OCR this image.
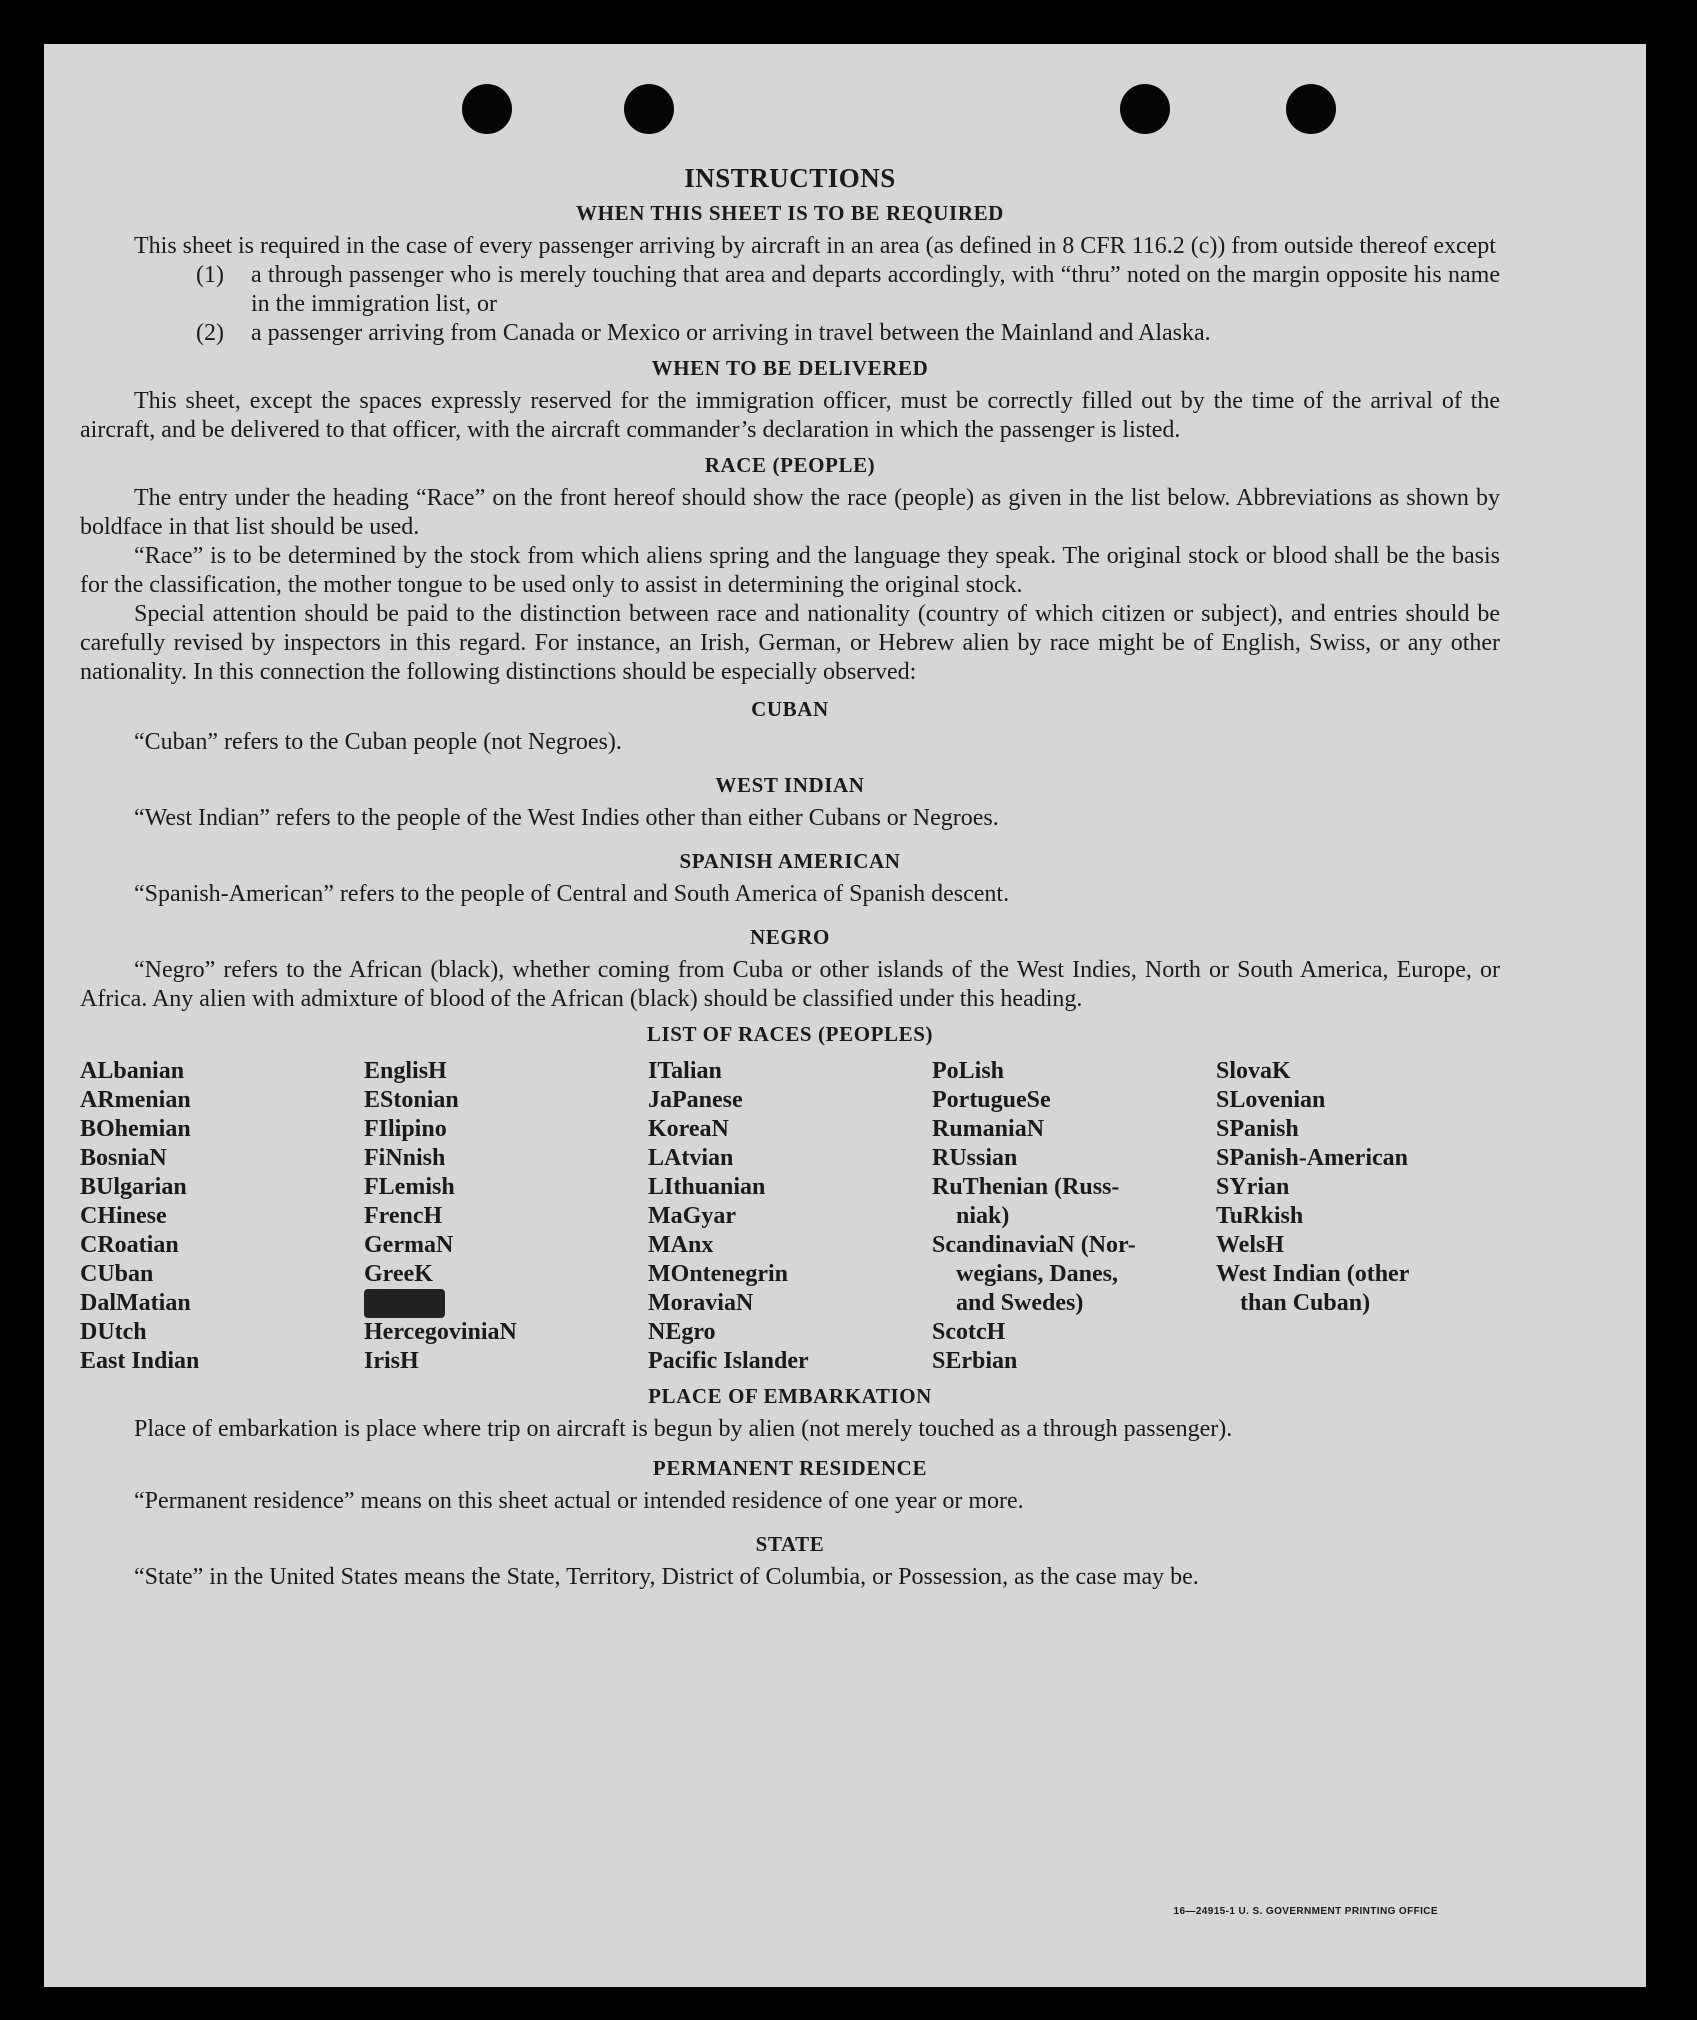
INSTRUCTIONS
WHEN THIS SHEET IS TO BE REQUIRED

This sheet is required in the case of every passenger arriving by aircraft in an area (as defined in 8 CFR 116.2 (c)) from outside thereof except

(1)	a through passenger who is merely touching that area and departs accordingly, with “thru” noted on the margin opposite his name in the immigration list, or
(2)	a passenger arriving from Canada or Mexico or arriving in travel between the Mainland and Alaska.
WHEN TO BE DELIVERED

This sheet, except the spaces expressly reserved for the immigration officer, must be correctly filled out by the time of the arrival of the aircraft, and be delivered to that officer, with the aircraft commander’s declaration in which the passenger is listed.

RACE (PEOPLE)

The entry under the heading “Race” on the front hereof should show the race (people) as given in the list below. Abbreviations as shown by boldface in that list should be used.

“Race” is to be determined by the stock from which aliens spring and the language they speak. The original stock or blood shall be the basis for the classification, the mother tongue to be used only to assist in determining the original stock.

Special attention should be paid to the distinction between race and nationality (country of which citizen or subject), and entries should be carefully revised by inspectors in this regard. For instance, an Irish, German, or Hebrew alien by race might be of English, Swiss, or any other nationality. In this connection the following distinctions should be especially observed:

CUBAN

“Cuban” refers to the Cuban people (not Negroes).

WEST INDIAN

“West Indian” refers to the people of the West Indies other than either Cubans or Negroes.

SPANISH AMERICAN

“Spanish-American” refers to the people of Central and South America of Spanish descent.

NEGRO

“Negro” refers to the African (black), whether coming from Cuba or other islands of the West Indies, North or South America, Europe, or Africa. Any alien with admixture of blood of the African (black) should be classified under this heading.

LIST OF RACES (PEOPLES)
ALbanian
ARmenian
BOhemian
BosniaN
BUlgarian
CHinese
CRoatian
CUban
DalMatian
DUtch
East Indian
EnglisH
EStonian
FIlipino
FiNnish
FLemish
FrencH
GermaN
GreeK
Hebrew
HercegoviniaN
IrisH
ITalian
JaPanese
KoreaN
LAtvian
LIthuanian
MaGyar
MAnx
MOntenegrin
MoraviaN
NEgro
Pacific Islander
PoLish
PortugueSe
RumaniaN
RUssian
RuThenian (Russ-
niak)
ScandinaviaN (Nor-
wegians, Danes,
and Swedes)
ScotcH
SErbian
SlovaK
SLovenian
SPanish
SPanish-American
SYrian
TuRkish
WelsH
West Indian (other
than Cuban)
PLACE OF EMBARKATION

Place of embarkation is place where trip on aircraft is begun by alien (not merely touched as a through passenger).

PERMANENT RESIDENCE

“Permanent residence” means on this sheet actual or intended residence of one year or more.

STATE

“State” in the United States means the State, Territory, District of Columbia, or Possession, as the case may be.

16—24915-1 U. S. GOVERNMENT PRINTING OFFICE
